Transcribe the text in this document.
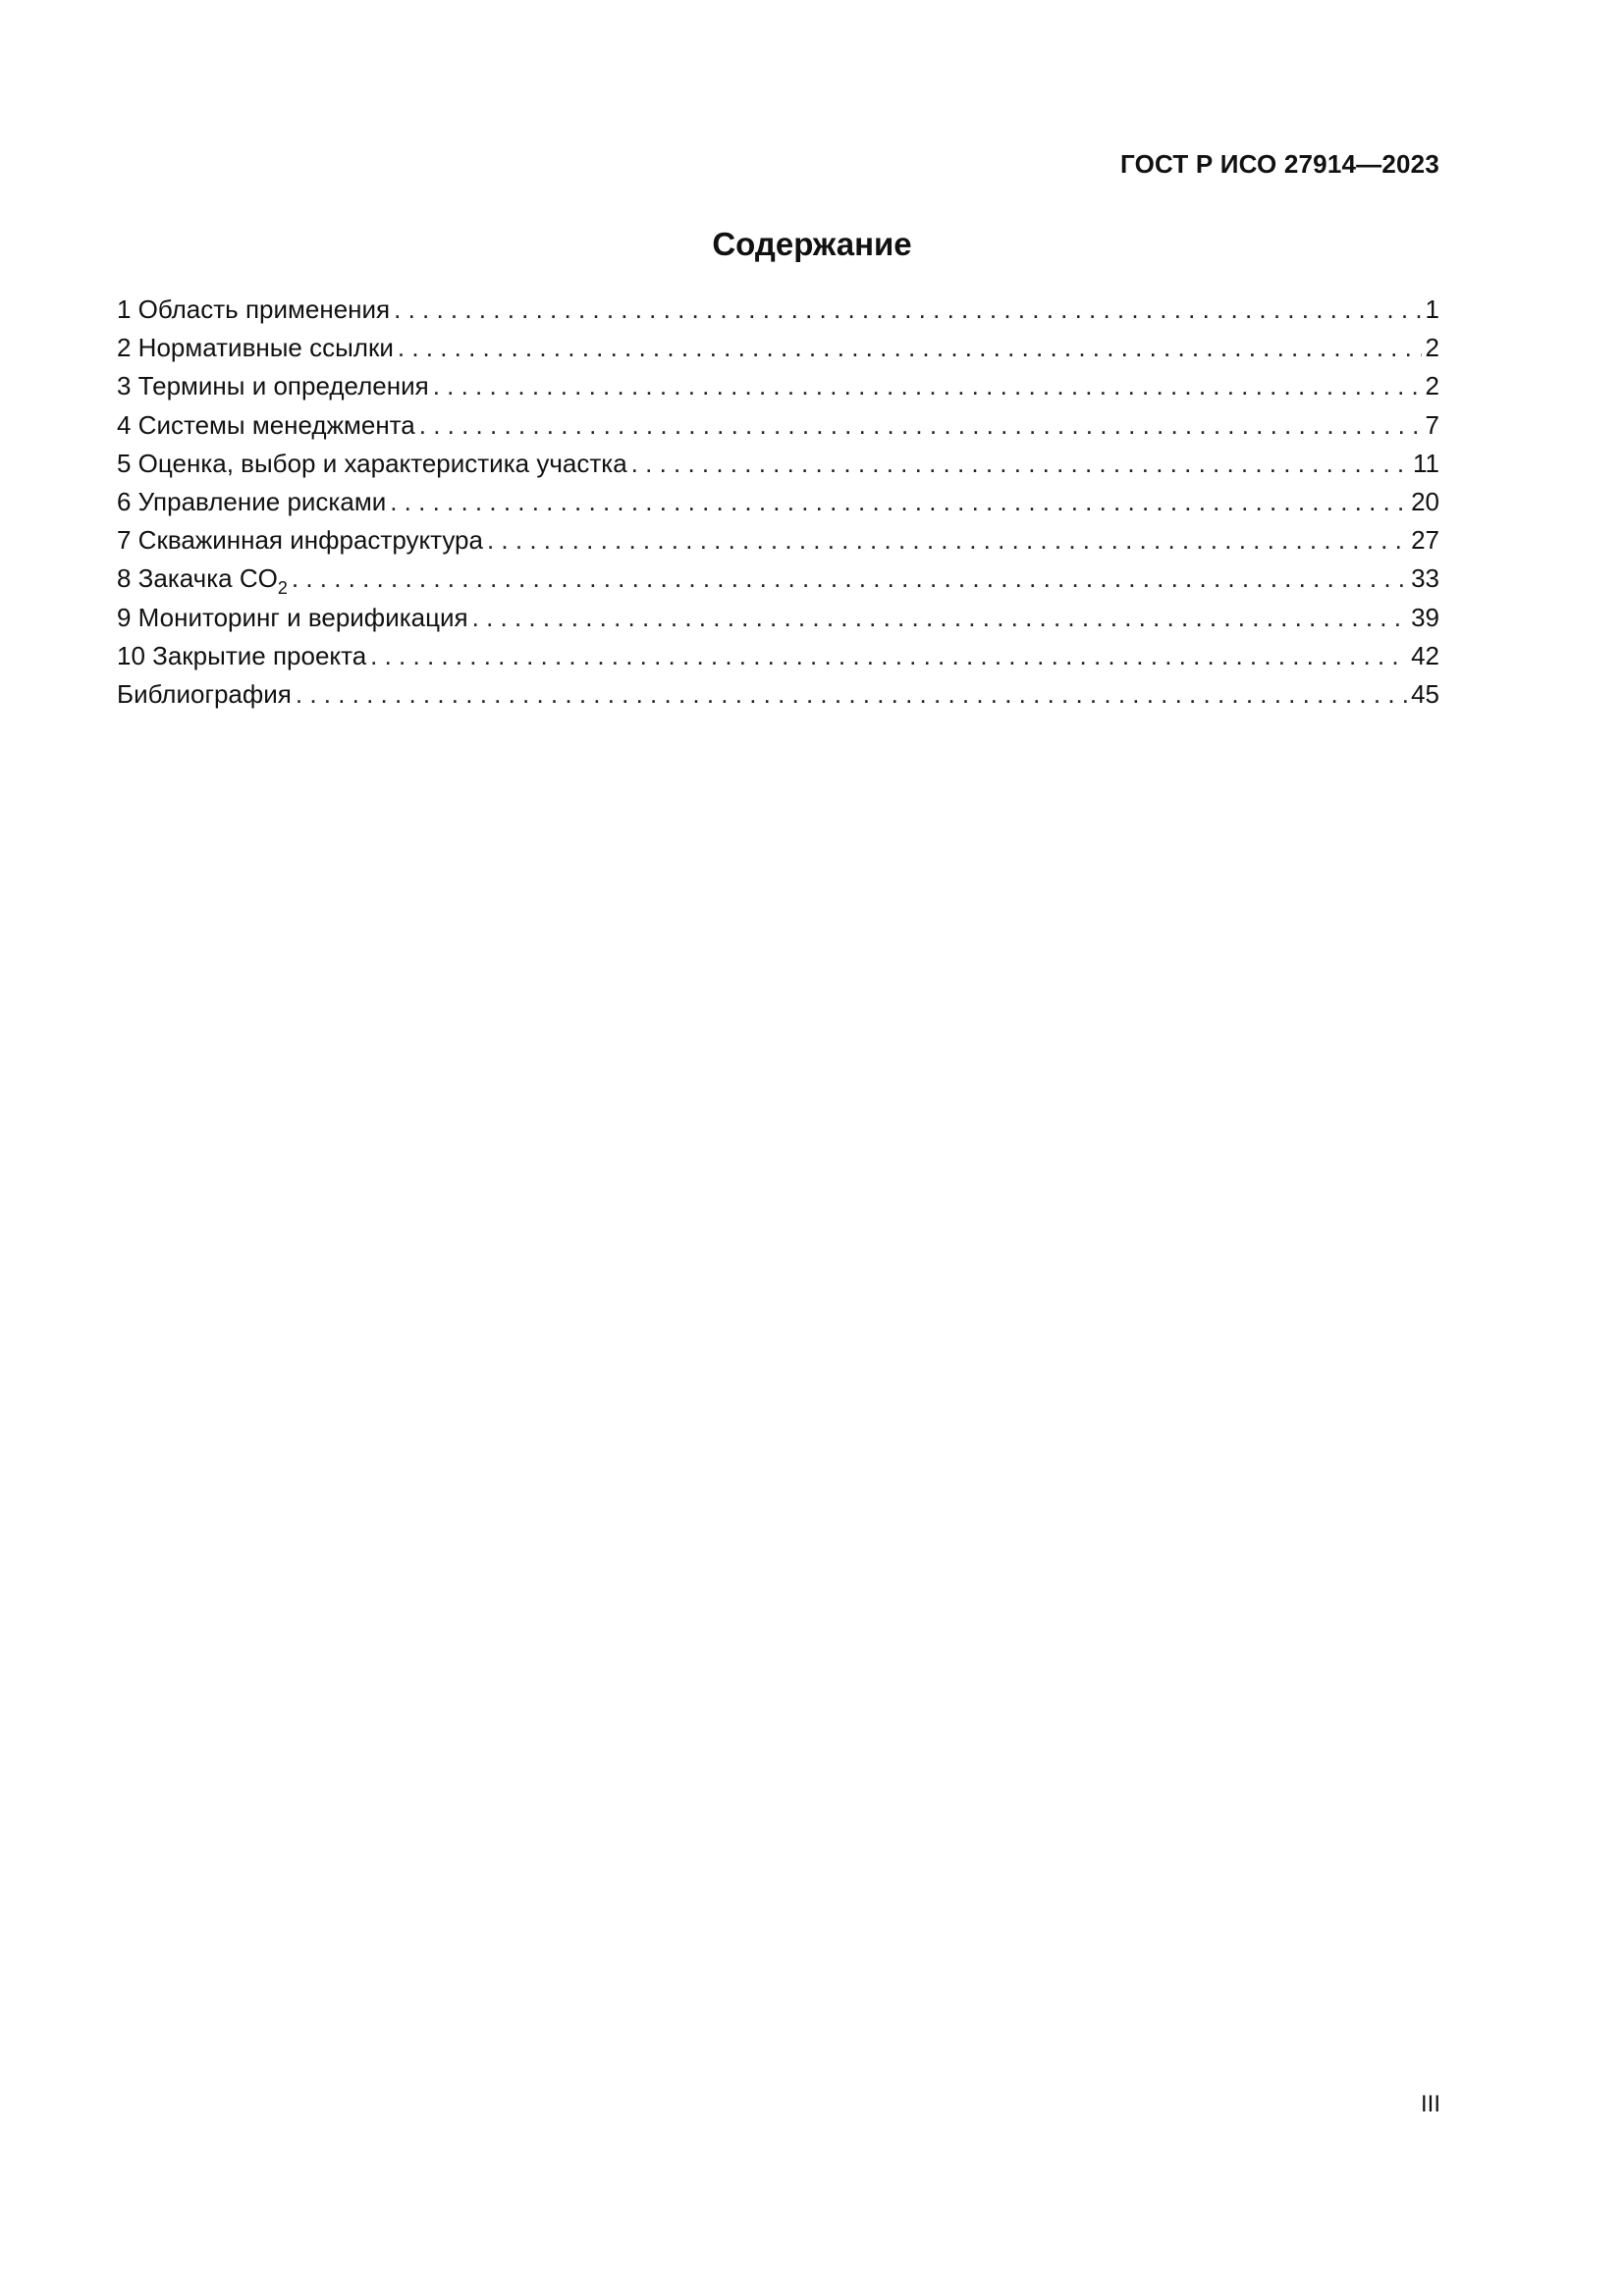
ГОСТ Р ИСО 27914—2023
Содержание
1 Область применения . . .	1
2 Нормативные ссылки . . .	2
3 Термины и определения . . .	2
4 Системы менеджмента . . .	7
5 Оценка, выбор и характеристика участка . . .	11
6 Управление рисками . . .	20
7 Скважинная инфраструктура . . .	27
8 Закачка $CO_2$ . . .	33
9 Мониторинг и верификация . . .	39
10 Закрытие проекта . . .	42
Библиография . . .	45
III
